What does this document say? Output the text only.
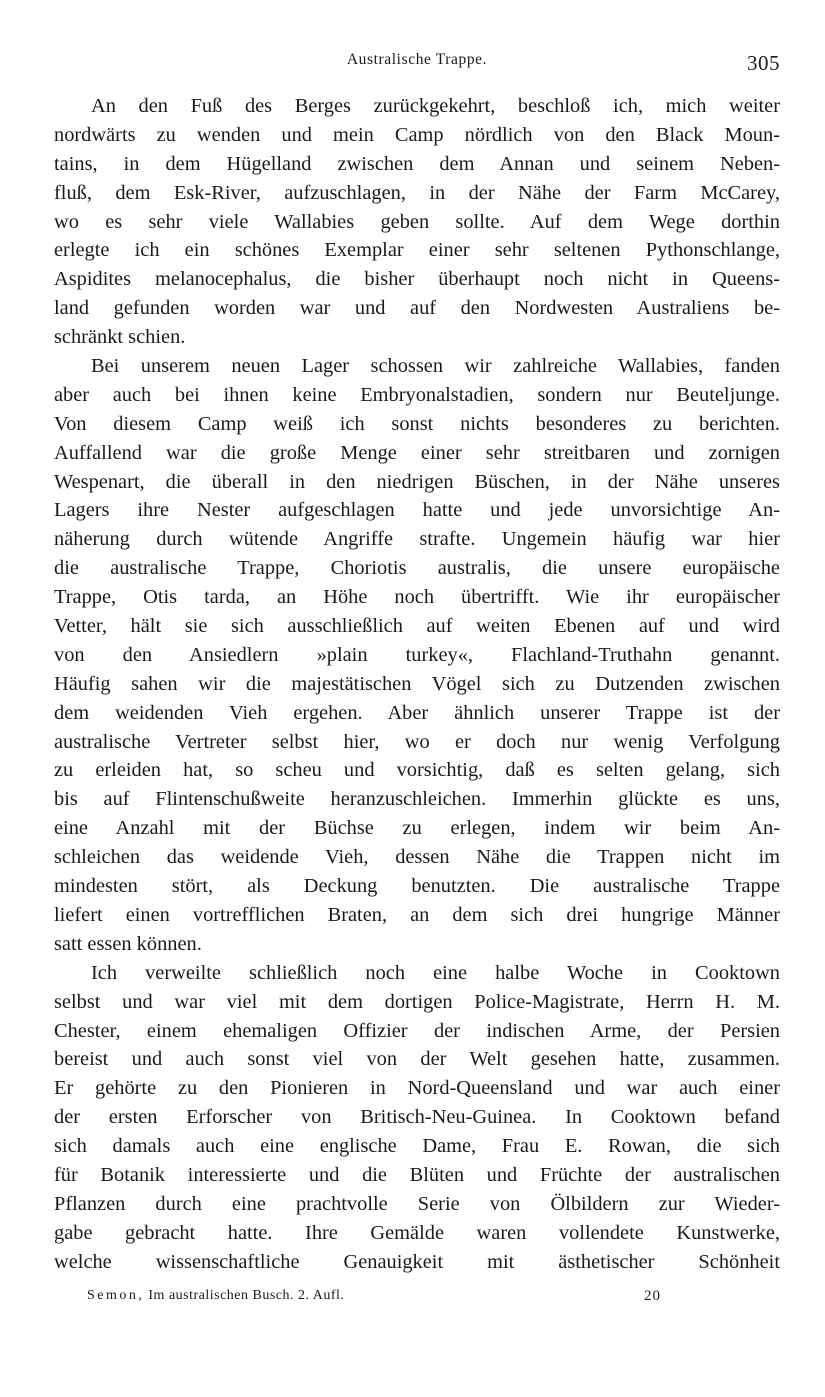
Australische Trappe.	305
An den Fuß des Berges zurückgekehrt, beschloß ich, mich weiter
nordwärts zu wenden und mein Camp nördlich von den Black Moun-
tains, in dem Hügelland zwischen dem Annan und seinem Neben-
fluß, dem Esk-River, aufzuschlagen, in der Nähe der Farm McCarey,
wo es sehr viele Wallabies geben sollte. Auf dem Wege dorthin
erlegte ich ein schönes Exemplar einer sehr seltenen Pythonschlange,
Aspidites melanocephalus, die bisher überhaupt noch nicht in Queens-
land gefunden worden war und auf den Nordwesten Australiens be-
schränkt schien.
Bei unserem neuen Lager schossen wir zahlreiche Wallabies, fanden
aber auch bei ihnen keine Embryonalstadien, sondern nur Beuteljunge.
Von diesem Camp weiß ich sonst nichts besonderes zu berichten.
Auffallend war die große Menge einer sehr streitbaren und zornigen
Wespenart, die überall in den niedrigen Büschen, in der Nähe unseres
Lagers ihre Nester aufgeschlagen hatte und jede unvorsichtige An-
näherung durch wütende Angriffe strafte. Ungemein häufig war hier
die australische Trappe, Choriotis australis, die unsere europäische
Trappe, Otis tarda, an Höhe noch übertrifft. Wie ihr europäischer
Vetter, hält sie sich ausschließlich auf weiten Ebenen auf und wird
von den Ansiedlern »plain turkey«, Flachland-Truthahn genannt.
Häufig sahen wir die majestätischen Vögel sich zu Dutzenden zwischen
dem weidenden Vieh ergehen. Aber ähnlich unserer Trappe ist der
australische Vertreter selbst hier, wo er doch nur wenig Verfolgung
zu erleiden hat, so scheu und vorsichtig, daß es selten gelang, sich
bis auf Flintenschußweite heranzuschleichen. Immerhin glückte es uns,
eine Anzahl mit der Büchse zu erlegen, indem wir beim An-
schleichen das weidende Vieh, dessen Nähe die Trappen nicht im
mindesten stört, als Deckung benutzten. Die australische Trappe
liefert einen vortrefflichen Braten, an dem sich drei hungrige Männer
satt essen können.
Ich verweilte schließlich noch eine halbe Woche in Cooktown
selbst und war viel mit dem dortigen Police-Magistrate, Herrn H. M.
Chester, einem ehemaligen Offizier der indischen Arme, der Persien
bereist und auch sonst viel von der Welt gesehen hatte, zusammen.
Er gehörte zu den Pionieren in Nord-Queensland und war auch einer
der ersten Erforscher von Britisch-Neu-Guinea. In Cooktown befand
sich damals auch eine englische Dame, Frau E. Rowan, die sich
für Botanik interessierte und die Blüten und Früchte der australischen
Pflanzen durch eine prachtvolle Serie von Ölbildern zur Wieder-
gabe gebracht hatte. Ihre Gemälde waren vollendete Kunstwerke,
welche wissenschaftliche Genauigkeit mit ästhetischer Schönheit
Semon, Im australischen Busch. 2. Aufl.	20
